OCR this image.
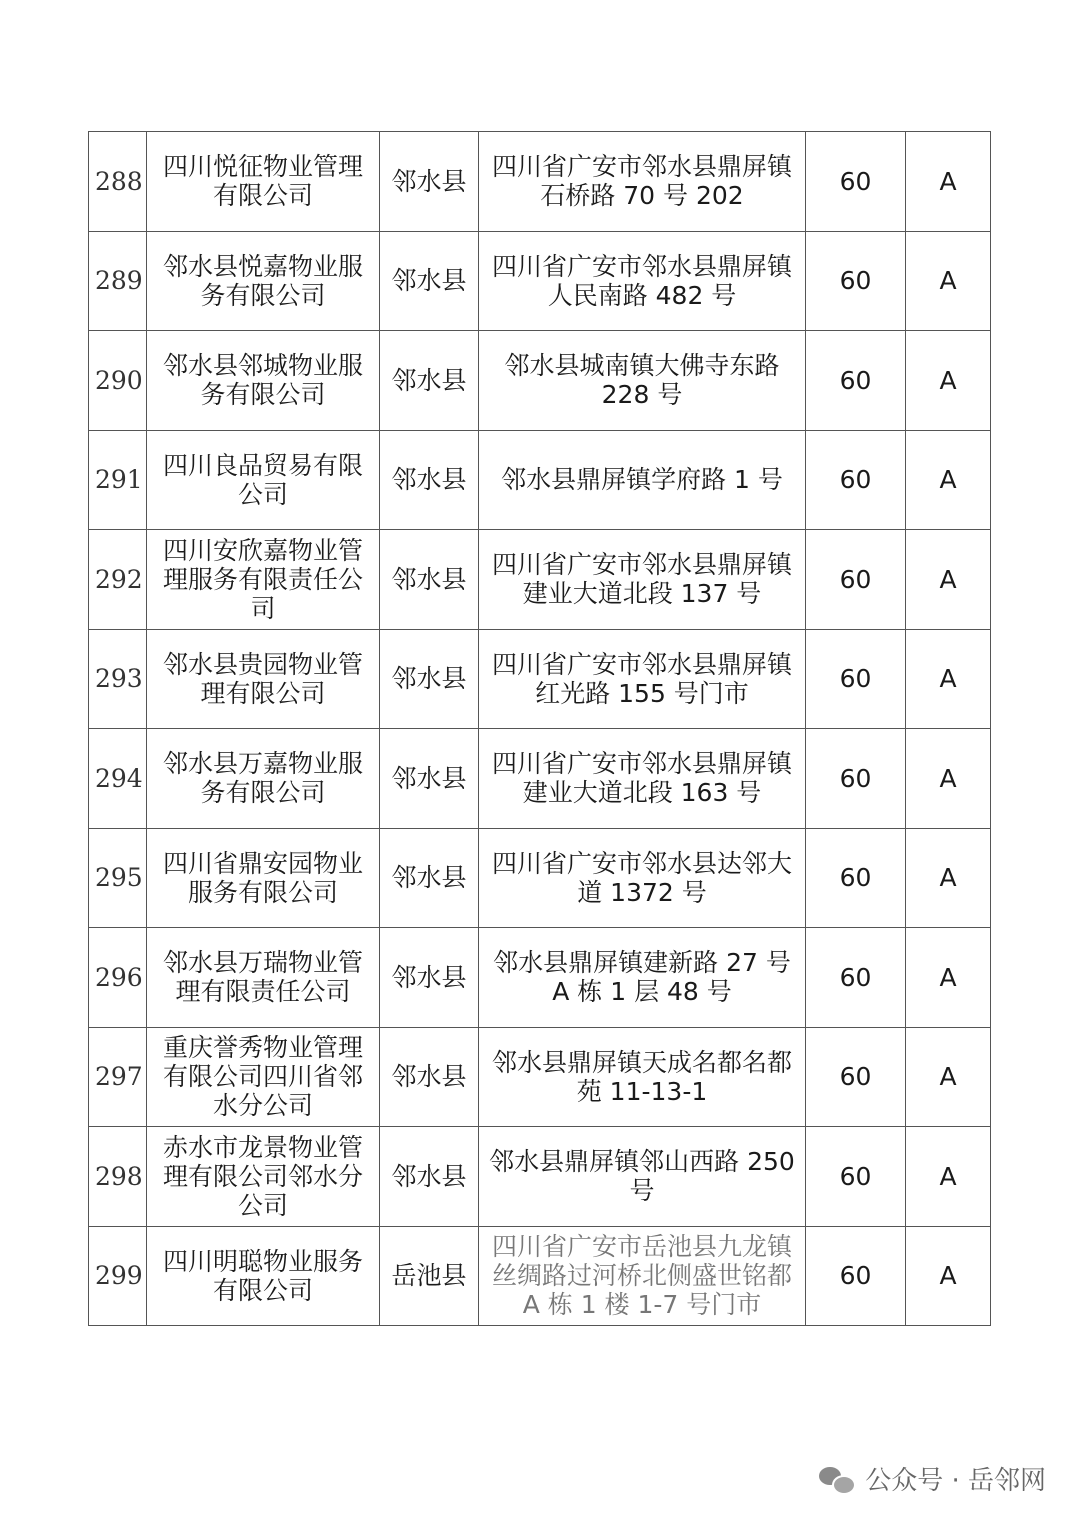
288	四川悦征物业管理有限公司	邻水县	四川省广安市邻水县鼎屏镇石桥路 70 号 202	60	A
289	邻水县悦嘉物业服务有限公司	邻水县	四川省广安市邻水县鼎屏镇人民南路 482 号	60	A
290	邻水县邻城物业服务有限公司	邻水县	邻水县城南镇大佛寺东路 228 号	60	A
291	四川良品贸易有限公司	邻水县	邻水县鼎屏镇学府路 1 号	60	A
292	四川安欣嘉物业管理服务有限责任公司	邻水县	四川省广安市邻水县鼎屏镇建业大道北段 137 号	60	A
293	邻水县贵园物业管理有限公司	邻水县	四川省广安市邻水县鼎屏镇红光路 155 号门市	60	A
294	邻水县万嘉物业服务有限公司	邻水县	四川省广安市邻水县鼎屏镇建业大道北段 163 号	60	A
295	四川省鼎安园物业服务有限公司	邻水县	四川省广安市邻水县达邻大道 1372 号	60	A
296	邻水县万瑞物业管理有限责任公司	邻水县	邻水县鼎屏镇建新路 27 号 A 栋 1 层 48 号	60	A
297	重庆誉秀物业管理有限公司四川省邻水分公司	邻水县	邻水县鼎屏镇天成名都名都苑 11-13-1	60	A
298	赤水市龙景物业管理有限公司邻水分公司	邻水县	邻水县鼎屏镇邻山西路 250 号	60	A
299	四川明聪物业服务有限公司	岳池县	四川省广安市岳池县九龙镇丝绸路过河桥北侧盛世铭都 A 栋 1 楼 1-7 号门市	60	A
公众号 · 岳邻网
